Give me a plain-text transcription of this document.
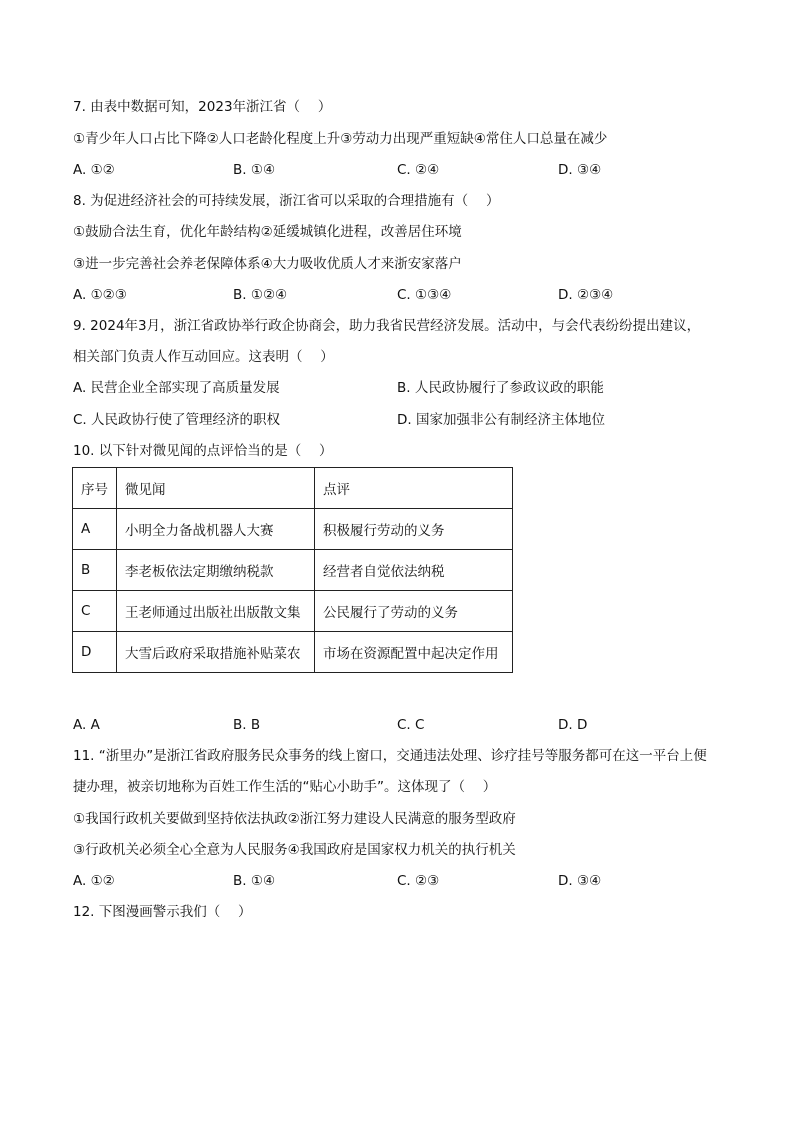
7. 由表中数据可知，2023年浙江省（　 ）
①青少年人口占比下降②人口老龄化程度上升③劳动力出现严重短缺④常住人口总量在减少
A. ①②	B. ①④	C. ②④	D. ③④
8. 为促进经济社会的可持续发展，浙江省可以采取的合理措施有（　 ）
①鼓励合法生育，优化年龄结构②延缓城镇化进程，改善居住环境
③进一步完善社会养老保障体系④大力吸收优质人才来浙安家落户
A. ①②③	B. ①②④	C. ①③④	D. ②③④
9. 2024年3月，浙江省政协举行政企协商会，助力我省民营经济发展。活动中，与会代表纷纷提出建议，
相关部门负责人作互动回应。这表明（　 ）
A. 民营企业全部实现了高质量发展	B. 人民政协履行了参政议政的职能
C. 人民政协行使了管理经济的职权	D. 国家加强非公有制经济主体地位
10. 以下针对微见闻的点评恰当的是（　 ）
序号	微见闻	点评
A	小明全力备战机器人大赛	积极履行劳动的义务
B	李老板依法定期缴纳税款	经营者自觉依法纳税
C	王老师通过出版社出版散文集	公民履行了劳动的义务
D	大雪后政府采取措施补贴菜农	市场在资源配置中起决定作用
A. A	B. B	C. C	D. D
11. “浙里办”是浙江省政府服务民众事务的线上窗口，交通违法处理、诊疗挂号等服务都可在这一平台上便
捷办理，被亲切地称为百姓工作生活的“贴心小助手”。这体现了（　 ）
①我国行政机关要做到坚持依法执政②浙江努力建设人民满意的服务型政府
③行政机关必须全心全意为人民服务④我国政府是国家权力机关的执行机关
A. ①②	B. ①④	C. ②③	D. ③④
12. 下图漫画警示我们（　 ）
